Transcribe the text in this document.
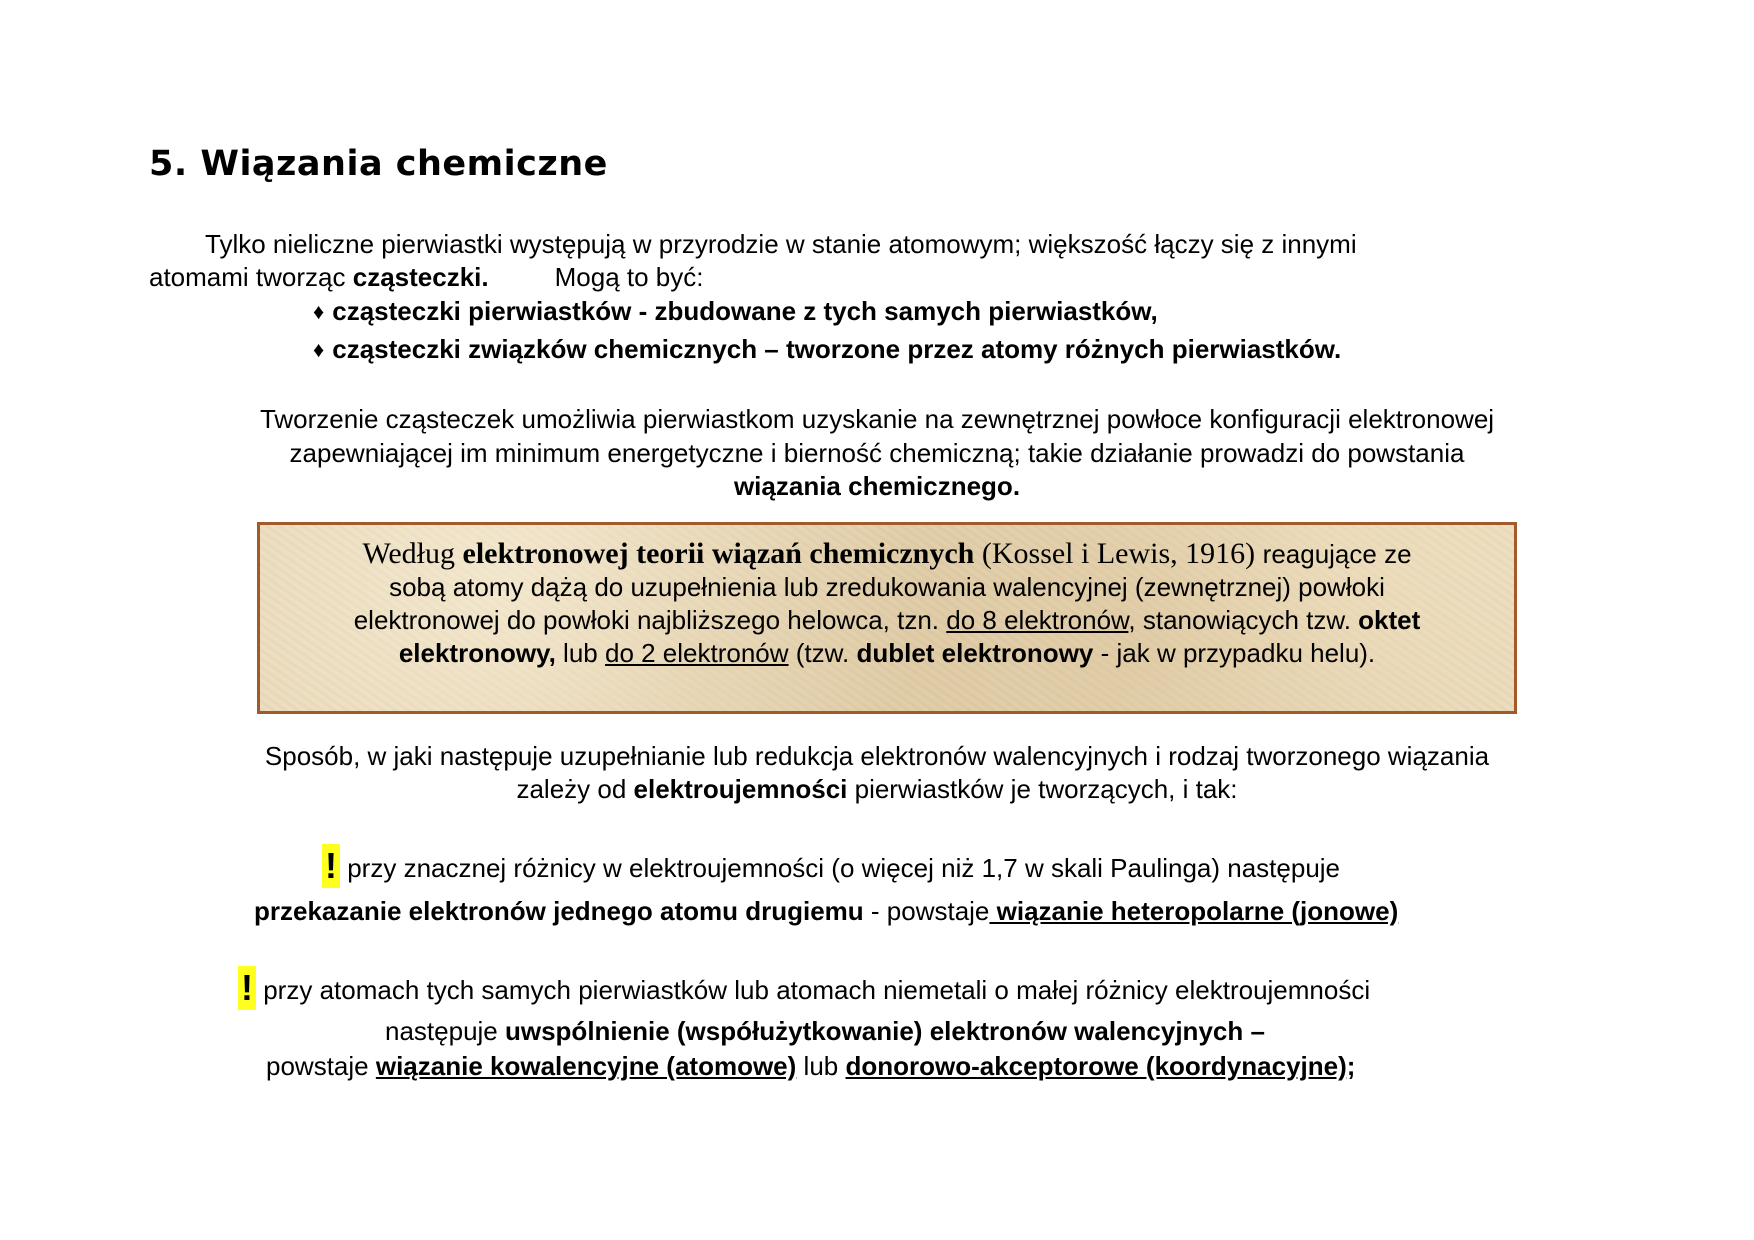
5. Wiązania chemiczne
Tylko nieliczne pierwiastki występują w przyrodzie w stanie atomowym; większość łączy się z innymi
atomami tworząc cząsteczki.	Mogą to być:
♦ cząsteczki pierwiastków - zbudowane z tych samych pierwiastków,
♦ cząsteczki związków chemicznych – tworzone przez atomy różnych pierwiastków.
Tworzenie cząsteczek umożliwia pierwiastkom uzyskanie na zewnętrznej powłoce konfiguracji elektronowej
zapewniającej im minimum energetyczne i bierność chemiczną; takie działanie prowadzi do powstania
wiązania chemicznego.
Według elektronowej teorii wiązań chemicznych (Kossel i Lewis, 1916) reagujące ze
sobą atomy dążą do uzupełnienia lub zredukowania walencyjnej (zewnętrznej) powłoki
elektronowej do powłoki najbliższego helowca, tzn. do 8 elektronów, stanowiących tzw. oktet
elektronowy, lub do 2 elektronów (tzw. dublet elektronowy - jak w przypadku helu).
Sposób, w jaki następuje uzupełnianie lub redukcja elektronów walencyjnych i rodzaj tworzonego wiązania
zależy od elektroujemności pierwiastków je tworzących, i tak:
! przy znacznej różnicy w elektroujemności (o więcej niż 1,7 w skali Paulinga) następuje
przekazanie elektronów jednego atomu drugiemu - powstaje wiązanie heteropolarne (jonowe)
! przy atomach tych samych pierwiastków lub atomach niemetali o małej różnicy elektroujemności
następuje uwspólnienie (współużytkowanie) elektronów walencyjnych –
powstaje wiązanie kowalencyjne (atomowe) lub donorowo-akceptorowe (koordynacyjne);
